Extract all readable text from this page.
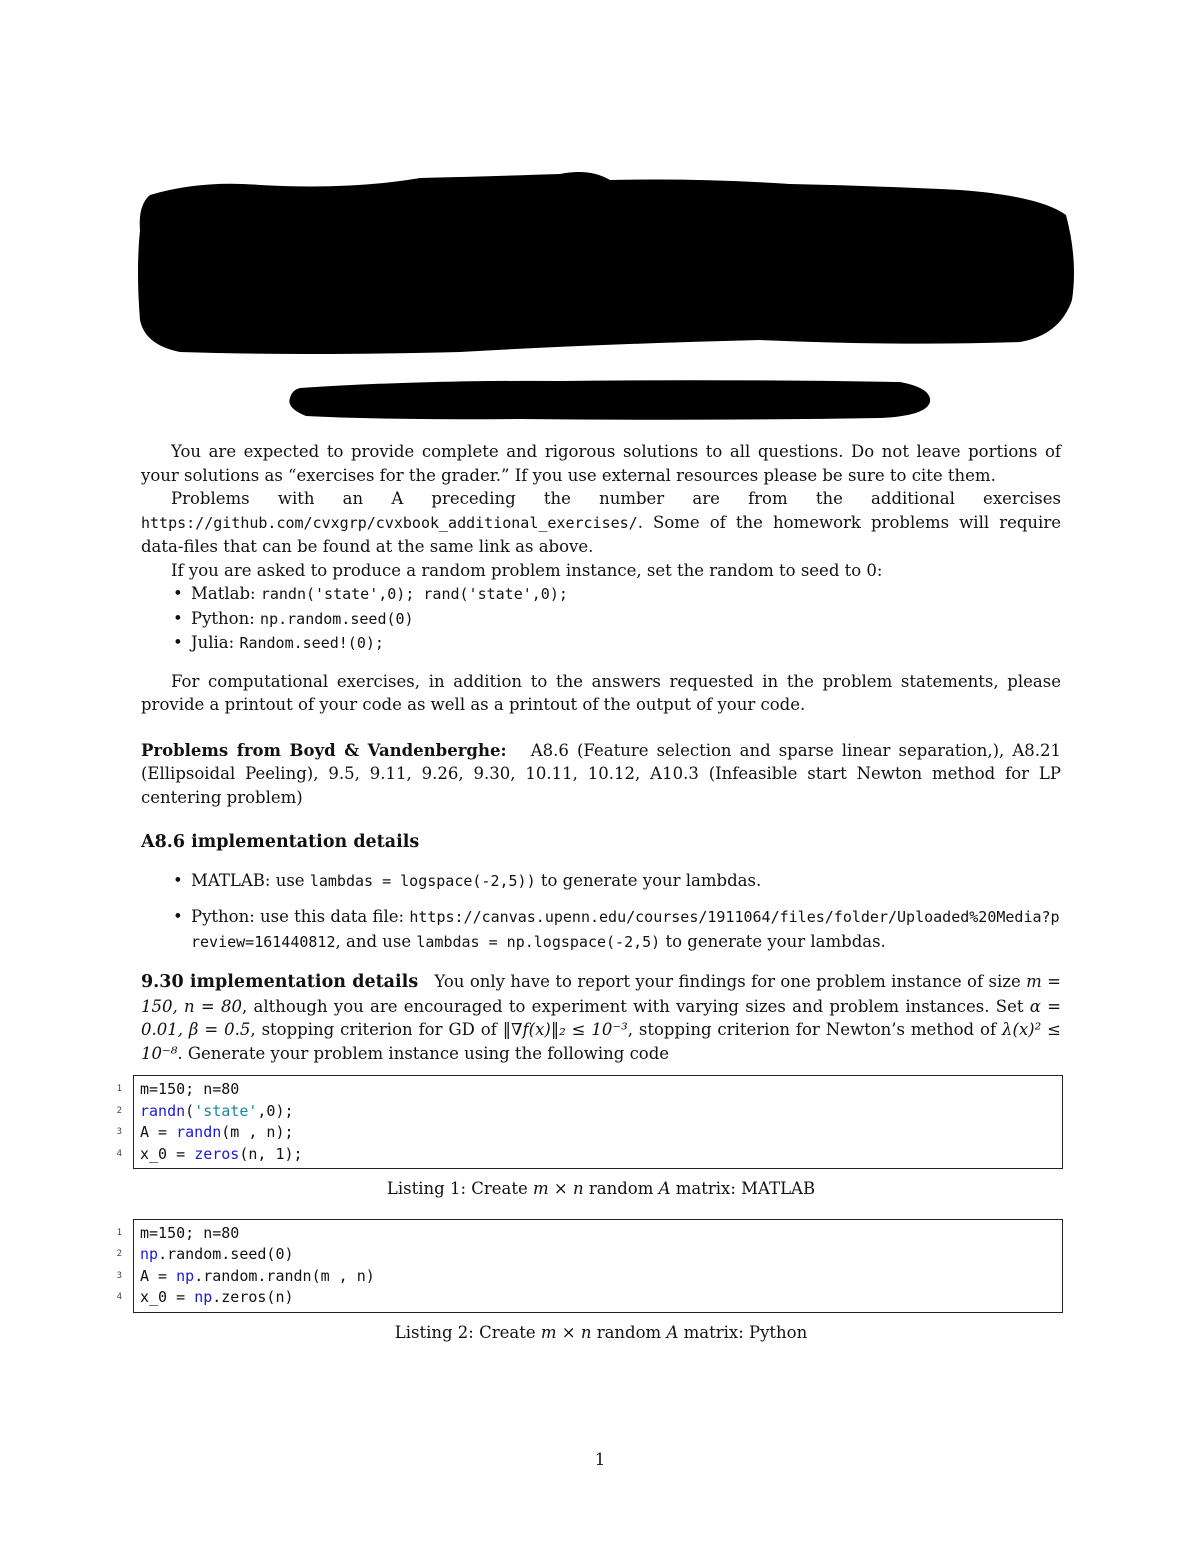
You are expected to provide complete and rigorous solutions to all questions. Do not leave portions of your solutions as “exercises for the grader.” If you use external resources please be sure to cite them.

Problems with an A preceding the number are from the additional exercises https://github.com/cvxgrp/cvxbook_additional_exercises/. Some of the homework problems will require data-files that can be found at the same link as above.

If you are asked to produce a random problem instance, set the random to seed to 0:

• Matlab: randn('state',0); rand('state',0);
• Python: np.random.seed(0)
• Julia: Random.seed!(0);

For computational exercises, in addition to the answers requested in the problem statements, please provide a printout of your code as well as a printout of the output of your code.

Problems from Boyd & Vandenberghe: A8.6 (Feature selection and sparse linear separation,), A8.21 (Ellipsoidal Peeling), 9.5, 9.11, 9.26, 9.30, 10.11, 10.12, A10.3 (Infeasible start Newton method for LP centering problem)

A8.6 implementation details

• MATLAB: use lambdas = logspace(-2,5)) to generate your lambdas.
• Python: use this data file: https://canvas.upenn.edu/courses/1911064/files/folder/Uploaded%20Media?preview=161440812, and use lambdas = np.logspace(-2,5) to generate your lambdas.

9.30 implementation details You only have to report your findings for one problem instance of size m = 150, n = 80, although you are encouraged to experiment with varying sizes and problem instances. Set α = 0.01, β = 0.5, stopping criterion for GD of ‖∇f(x)‖₂ ≤ 10⁻³, stopping criterion for Newton’s method of λ(x)² ≤ 10⁻⁸. Generate your problem instance using the following code

1 m=150; n=80
2 randn('state',0);
3 A = randn(m , n);
4 x_0 = zeros(n, 1);

Listing 1: Create m × n random A matrix: MATLAB

1 m=150; n=80
2 np.random.seed(0)
3 A = np.random.randn(m , n)
4 x_0 = np.zeros(n)

Listing 2: Create m × n random A matrix: Python

1
